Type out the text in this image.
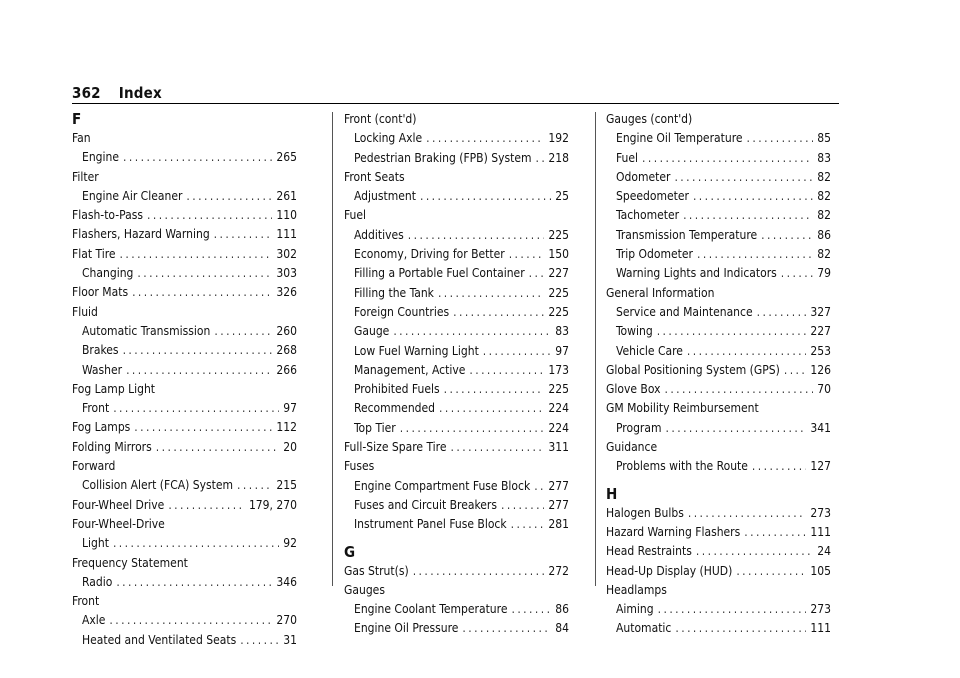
362 Index
F
Fan
Engine . . .	265
Filter
Engine Air Cleaner . . .	261
Flash-to-Pass . . .	110
Flashers, Hazard Warning . . .	111
Flat Tire . . .	302
Changing . . .	303
Floor Mats . . .	326
Fluid
Automatic Transmission . . .	260
Brakes . . .	268
Washer . . .	266
Fog Lamp Light
Front . . .	97
Fog Lamps . . .	112
Folding Mirrors . . .	20
Forward
Collision Alert (FCA) System . . .	215
Four-Wheel Drive . . .	179, 270
Four-Wheel-Drive
Light . . .	92
Frequency Statement
Radio . . .	346
Front
Axle . . .	270
Heated and Ventilated Seats . . .	31
Front (cont'd)
Locking Axle . . .	192
Pedestrian Braking (FPB) System . . . 218
Front Seats
Adjustment . . .	25
Fuel
Additives . . .	225
Economy, Driving for Better . . .	150
Filling a Portable Fuel Container . . . 227
Filling the Tank . . .	225
Foreign Countries . . .	225
Gauge . . .	83
Low Fuel Warning Light . . .	97
Management, Active . . .	173
Prohibited Fuels . . .	225
Recommended . . .	224
Top Tier . . .	224
Full-Size Spare Tire . . .	311
Fuses
Engine Compartment Fuse Block . . . 277
Fuses and Circuit Breakers . . .	277
Instrument Panel Fuse Block . . .	281
G
Gas Strut(s) . . .	272
Gauges
Engine Coolant Temperature . . .	86
Engine Oil Pressure . . .	84
Gauges (cont'd)
Engine Oil Temperature . . .	85
Fuel . . .	83
Odometer . . .	82
Speedometer . . .	82
Tachometer . . .	82
Transmission Temperature . . .	86
Trip Odometer . . .	82
Warning Lights and Indicators . . .	79
General Information
Service and Maintenance . . .	327
Towing . . .	227
Vehicle Care . . .	253
Global Positioning System (GPS) . . .	126
Glove Box . . .	70
GM Mobility Reimbursement
Program . . .	341
Guidance
Problems with the Route . . .	127
H
Halogen Bulbs . . .	273
Hazard Warning Flashers . . .	111
Head Restraints . . .	24
Head-Up Display (HUD) . . .	105
Headlamps
Aiming . . .	273
Automatic . . .	111
